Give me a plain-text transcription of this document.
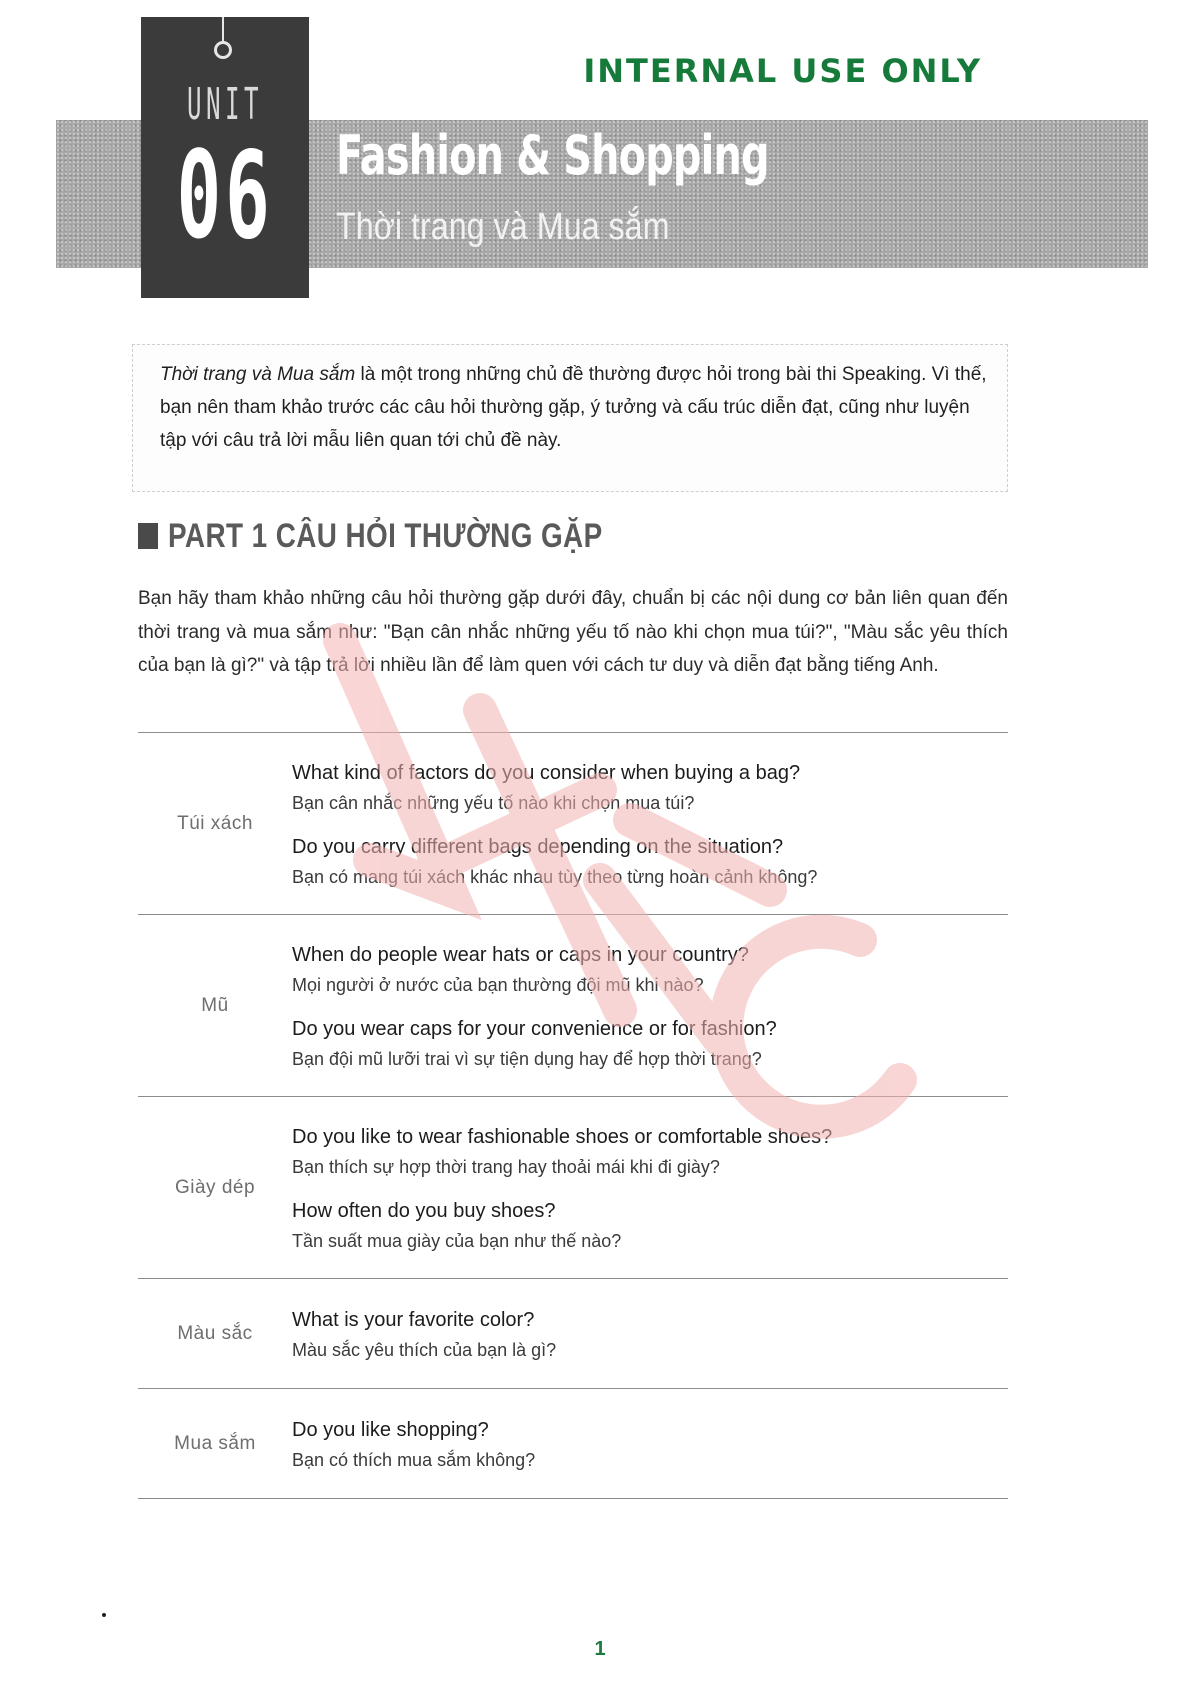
UNIT
06
INTERNAL USE ONLY
Fashion & Shopping
Thời trang và Mua sắm
Thời trang và Mua sắm là một trong những chủ đề thường được hỏi trong bài thi Speaking. Vì thế, bạn nên tham khảo trước các câu hỏi thường gặp, ý tưởng và cấu trúc diễn đạt, cũng như luyện tập với câu trả lời mẫu liên quan tới chủ đề này.
PART 1 CÂU HỎI THƯỜNG GẶP
Bạn hãy tham khảo những câu hỏi thường gặp dưới đây, chuẩn bị các nội dung cơ bản liên quan đến thời trang và mua sắm như: "Bạn cân nhắc những yếu tố nào khi chọn mua túi?", "Màu sắc yêu thích của bạn là gì?" và tập trả lời nhiều lần để làm quen với cách tư duy và diễn đạt bằng tiếng Anh.
Túi xách
What kind of factors do you consider when buying a bag?
Bạn cân nhắc những yếu tố nào khi chọn mua túi?
Do you carry different bags depending on the situation?
Bạn có mang túi xách khác nhau tùy theo từng hoàn cảnh không?
Mũ
When do people wear hats or caps in your country?
Mọi người ở nước của bạn thường đội mũ khi nào?
Do you wear caps for your convenience or for fashion?
Bạn đội mũ lưỡi trai vì sự tiện dụng hay để hợp thời trang?
Giày dép
Do you like to wear fashionable shoes or comfortable shoes?
Bạn thích sự hợp thời trang hay thoải mái khi đi giày?
How often do you buy shoes?
Tần suất mua giày của bạn như thế nào?
Màu sắc
What is your favorite color?
Màu sắc yêu thích của bạn là gì?
Mua sắm
Do you like shopping?
Bạn có thích mua sắm không?
1
